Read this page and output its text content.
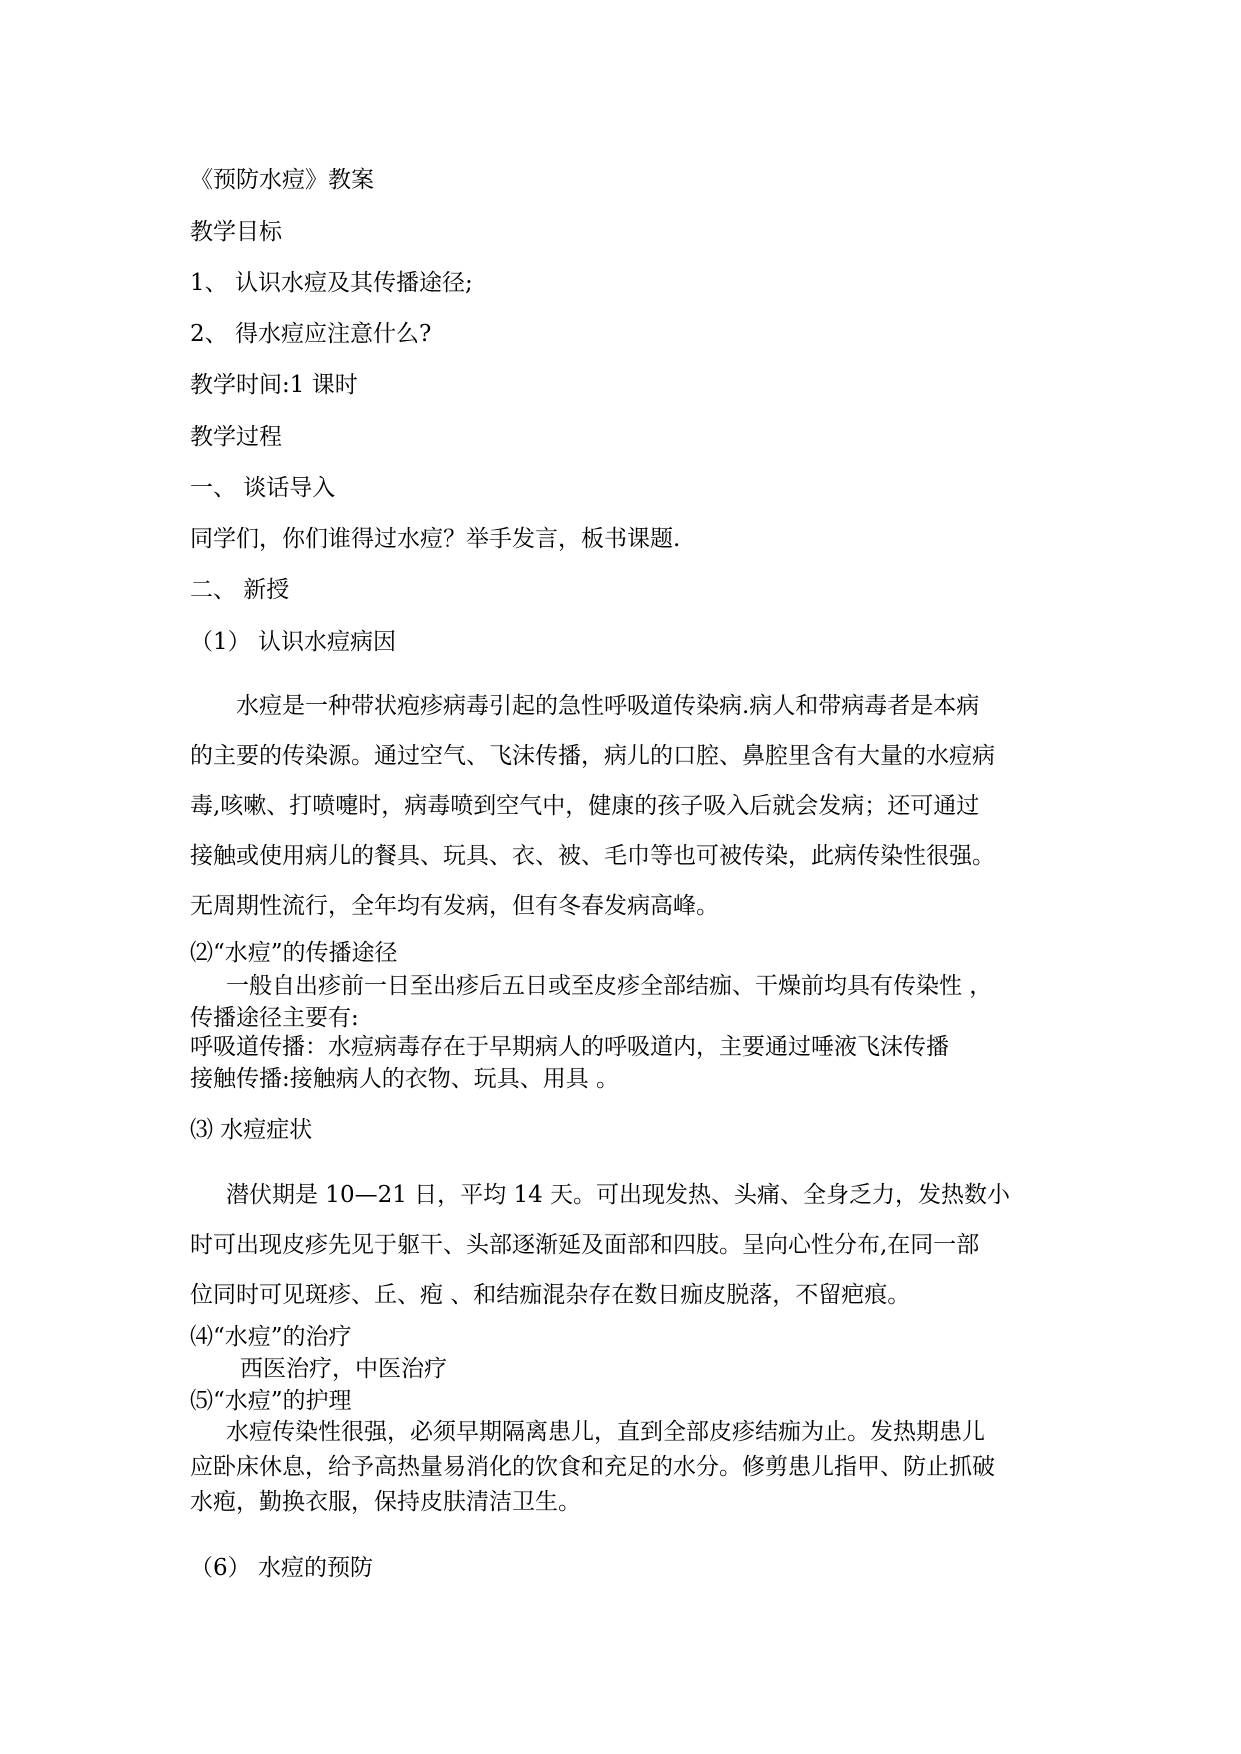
《预防水痘》教案
教学目标
1、 认识水痘及其传播途径;
2、 得水痘应注意什么?
教学时间:1 课时
教学过程
一、 谈话导入
同学们，你们谁得过水痘？举手发言，板书课题.
二、 新授
（1） 认识水痘病因
水痘是一种带状疱疹病毒引起的急性呼吸道传染病.病人和带病毒者是本病
的主要的传染源。通过空气、飞沫传播，病儿的口腔、鼻腔里含有大量的水痘病
毒,咳嗽、打喷嚏时，病毒喷到空气中，健康的孩子吸入后就会发病；还可通过
接触或使用病儿的餐具、玩具、衣、被、毛巾等也可被传染，此病传染性很强。
无周期性流行，全年均有发病，但有冬春发病高峰。
⑵“水痘”的传播途径
一般自出疹前一日至出疹后五日或至皮疹全部结痂、干燥前均具有传染性 ，
传播途径主要有:
呼吸道传播：水痘病毒存在于早期病人的呼吸道内，主要通过唾液飞沫传播
接触传播:接触病人的衣物、玩具、用具 。
⑶ 水痘症状
潜伏期是 10—21 日，平均 14 天。可出现发热、头痛、全身乏力，发热数小
时可出现皮疹先见于躯干、头部逐渐延及面部和四肢。呈向心性分布,在同一部
位同时可见斑疹、丘、疱 、和结痂混杂存在数日痂皮脱落，不留疤痕。
⑷“水痘”的治疗
西医治疗，中医治疗
⑸“水痘”的护理
水痘传染性很强，必须早期隔离患儿，直到全部皮疹结痂为止。发热期患儿
应卧床休息，给予高热量易消化的饮食和充足的水分。修剪患儿指甲、防止抓破
水疱，勤换衣服，保持皮肤清洁卫生。
（6） 水痘的预防
